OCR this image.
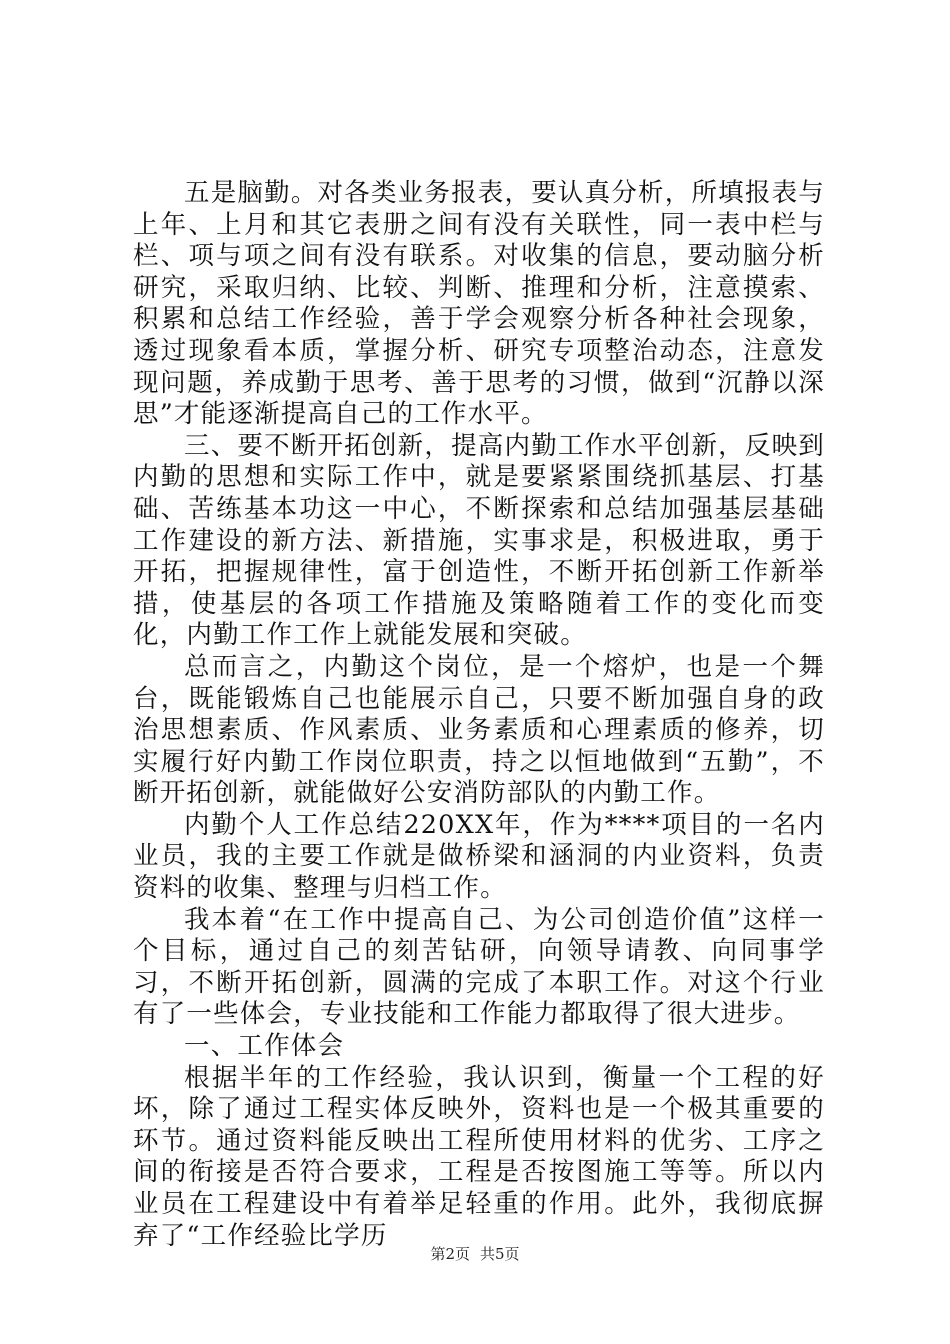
五是脑勤。对各类业务报表，要认真分析，所填报表与上年、上月和其它表册之间有没有关联性，同一表中栏与栏、项与项之间有没有联系。对收集的信息，要动脑分析研究，采取归纳、比较、判断、推理和分析，注意摸索、积累和总结工作经验，善于学会观察分析各种社会现象，透过现象看本质，掌握分析、研究专项整治动态，注意发现问题，养成勤于思考、善于思考的习惯，做到“沉静以深思”才能逐渐提高自己的工作水平。

三、要不断开拓创新，提高内勤工作水平创新，反映到内勤的思想和实际工作中，就是要紧紧围绕抓基层、打基础、苦练基本功这一中心，不断探索和总结加强基层基础工作建设的新方法、新措施，实事求是，积极进取，勇于开拓，把握规律性，富于创造性，不断开拓创新工作新举措，使基层的各项工作措施及策略随着工作的变化而变化，内勤工作工作上就能发展和突破。

总而言之，内勤这个岗位，是一个熔炉，也是一个舞台，既能锻炼自己也能展示自己，只要不断加强自身的政治思想素质、作风素质、业务素质和心理素质的修养，切实履行好内勤工作岗位职责，持之以恒地做到“五勤”，不断开拓创新，就能做好公安消防部队的内勤工作。

内勤个人工作总结220XX年，作为****项目的一名内业员，我的主要工作就是做桥梁和涵洞的内业资料，负责资料的收集、整理与归档工作。

我本着“在工作中提高自己、为公司创造价值”这样一个目标，通过自己的刻苦钻研，向领导请教、向同事学习，不断开拓创新，圆满的完成了本职工作。对这个行业有了一些体会，专业技能和工作能力都取得了很大进步。

一、工作体会

根据半年的工作经验，我认识到，衡量一个工程的好坏，除了通过工程实体反映外，资料也是一个极其重要的环节。通过资料能反映出工程所使用材料的优劣、工序之间的衔接是否符合要求，工程是否按图施工等等。所以内业员在工程建设中有着举足轻重的作用。此外，我彻底摒弃了“工作经验比学历

第2页 共5页
